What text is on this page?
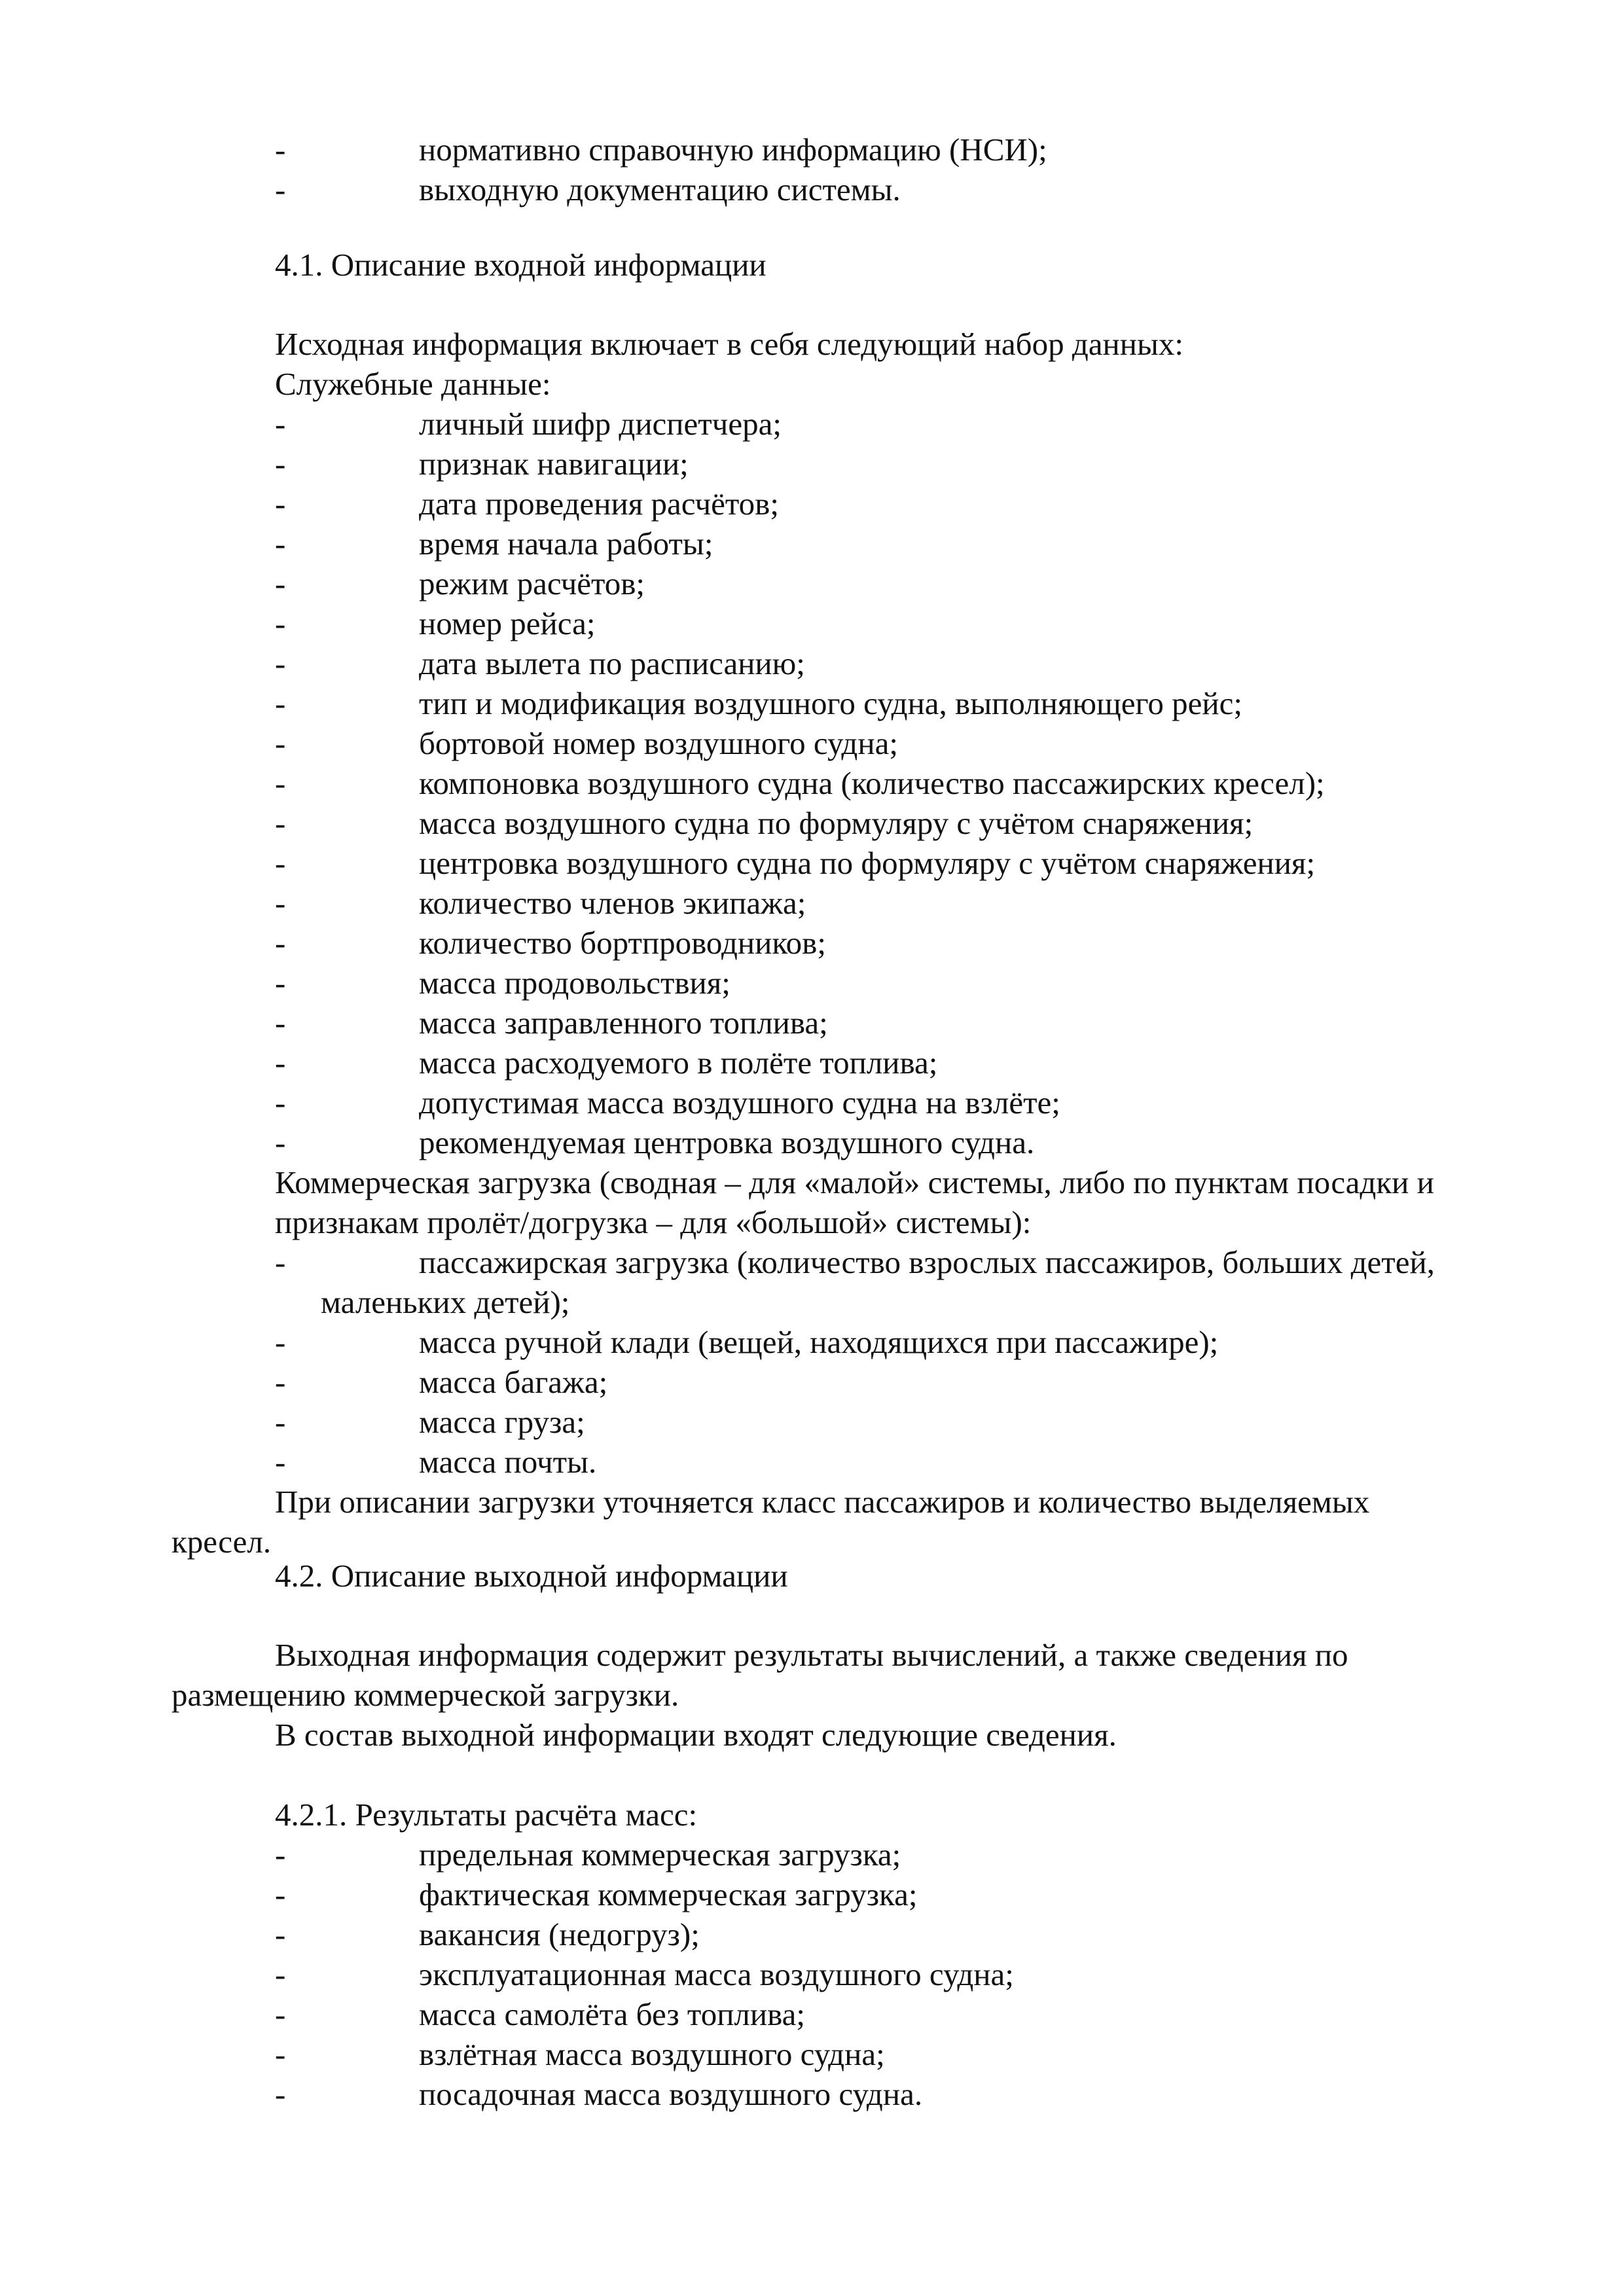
-	нормативно справочную информацию (НСИ);
-	выходную документацию системы.
4.1. Описание входной информации
Исходная информация включает в себя следующий набор данных:
Служебные данные:
-	личный шифр диспетчера;
-	признак навигации;
-	дата проведения расчётов;
-	время начала работы;
-	режим расчётов;
-	номер рейса;
-	дата вылета по расписанию;
-	тип и модификация воздушного судна, выполняющего рейс;
-	бортовой номер воздушного судна;
-	компоновка воздушного судна (количество пассажирских кресел);
-	масса воздушного судна по формуляру с учётом снаряжения;
-	центровка воздушного судна по формуляру с учётом снаряжения;
-	количество членов экипажа;
-	количество бортпроводников;
-	масса продовольствия;
-	масса заправленного топлива;
-	масса расходуемого в полёте топлива;
-	допустимая масса воздушного судна на взлёте;
-	рекомендуемая центровка воздушного судна.
Коммерческая загрузка (сводная – для «малой» системы, либо по пунктам посадки и
признакам пролёт/догрузка – для «большой» системы):
-	пассажирская загрузка (количество взрослых пассажиров, больших детей,
маленьких детей);
-	масса ручной клади (вещей, находящихся при пассажире);
-	масса багажа;
-	масса груза;
-	масса почты.
При описании загрузки уточняется класс пассажиров и количество выделяемых
кресел.
4.2. Описание выходной информации
Выходная информация содержит результаты вычислений, а также сведения по
размещению коммерческой загрузки.
В состав выходной информации входят следующие сведения.
4.2.1. Результаты расчёта масс:
-	предельная коммерческая загрузка;
-	фактическая коммерческая загрузка;
-	вакансия (недогруз);
-	эксплуатационная масса воздушного судна;
-	масса самолёта без топлива;
-	взлётная масса воздушного судна;
-	посадочная масса воздушного судна.
